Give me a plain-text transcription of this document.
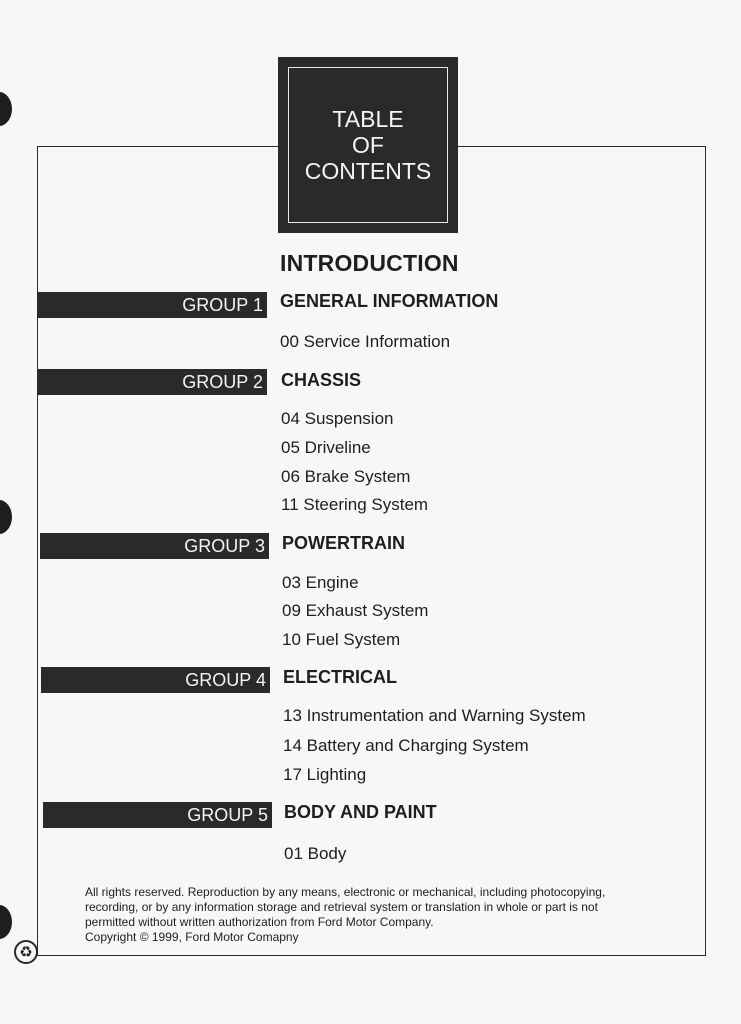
TABLE
OF
CONTENTS
INTRODUCTION
GROUP 1 GENERAL INFORMATION
00 Service Information
GROUP 2 CHASSIS
04 Suspension
05 Driveline
06 Brake System
11 Steering System
GROUP 3 POWERTRAIN
03 Engine
09 Exhaust System
10 Fuel System
GROUP 4 ELECTRICAL
13 Instrumentation and Warning System
14 Battery and Charging System
17 Lighting
GROUP 5 BODY AND PAINT
01 Body
All rights reserved. Reproduction by any means, electronic or mechanical, including photocopying,
recording, or by any information storage and retrieval system or translation in whole or part is not
permitted without written authorization from Ford Motor Company.
Copyright © 1999, Ford Motor Comapny
♻
